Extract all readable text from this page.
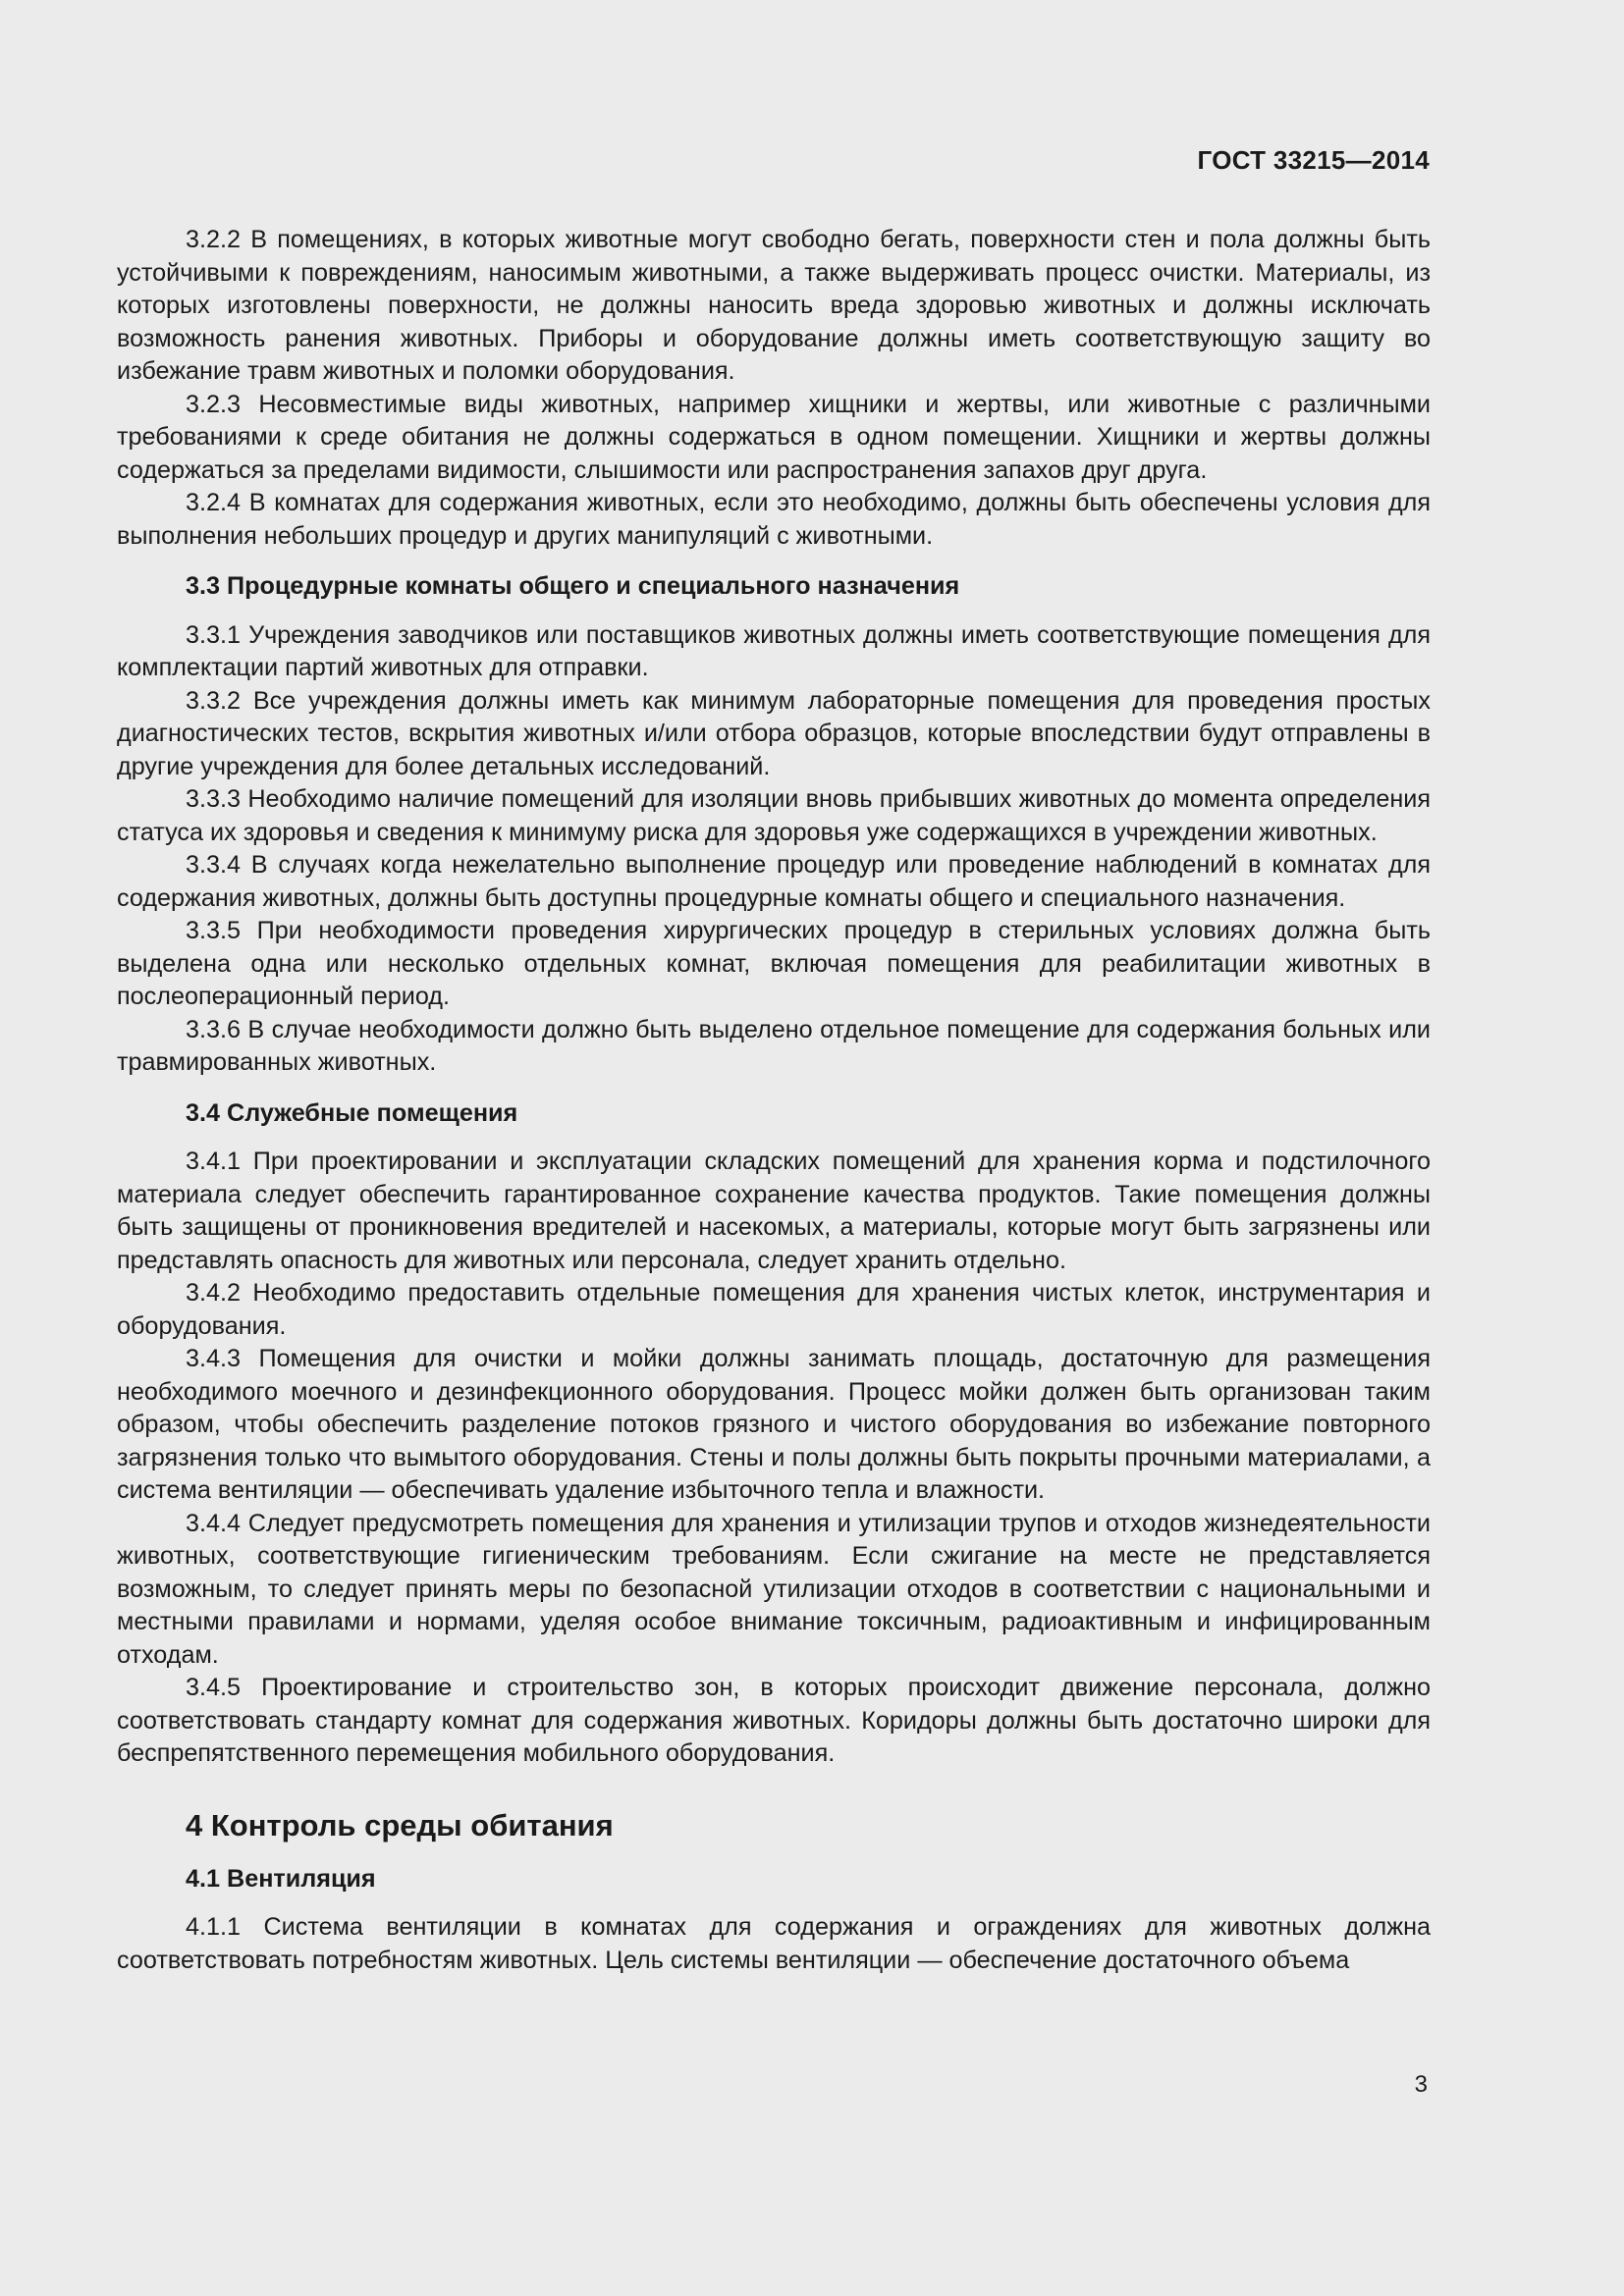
ГОСТ 33215—2014

3.2.2 В помещениях, в которых животные могут свободно бегать, поверхности стен и пола должны быть устойчивыми к повреждениям, наносимым животными, а также выдерживать процесс очистки. Материалы, из которых изготовлены поверхности, не должны наносить вреда здоровью животных и должны исключать возможность ранения животных. Приборы и оборудование должны иметь соответствующую защиту во избежание травм животных и поломки оборудования.

3.2.3 Несовместимые виды животных, например хищники и жертвы, или животные с различными требованиями к среде обитания не должны содержаться в одном помещении. Хищники и жертвы должны содержаться за пределами видимости, слышимости или распространения запахов друг друга.

3.2.4 В комнатах для содержания животных, если это необходимо, должны быть обеспечены условия для выполнения небольших процедур и других манипуляций с животными.

3.3 Процедурные комнаты общего и специального назначения

3.3.1 Учреждения заводчиков или поставщиков животных должны иметь соответствующие помещения для комплектации партий животных для отправки.

3.3.2 Все учреждения должны иметь как минимум лабораторные помещения для проведения простых диагностических тестов, вскрытия животных и/или отбора образцов, которые впоследствии будут отправлены в другие учреждения для более детальных исследований.

3.3.3 Необходимо наличие помещений для изоляции вновь прибывших животных до момента определения статуса их здоровья и сведения к минимуму риска для здоровья уже содержащихся в учреждении животных.

3.3.4 В случаях когда нежелательно выполнение процедур или проведение наблюдений в комнатах для содержания животных, должны быть доступны процедурные комнаты общего и специального назначения.

3.3.5 При необходимости проведения хирургических процедур в стерильных условиях должна быть выделена одна или несколько отдельных комнат, включая помещения для реабилитации животных в послеоперационный период.

3.3.6 В случае необходимости должно быть выделено отдельное помещение для содержания больных или травмированных животных.

3.4 Служебные помещения

3.4.1 При проектировании и эксплуатации складских помещений для хранения корма и подстилочного материала следует обеспечить гарантированное сохранение качества продуктов. Такие помещения должны быть защищены от проникновения вредителей и насекомых, а материалы, которые могут быть загрязнены или представлять опасность для животных или персонала, следует хранить отдельно.

3.4.2 Необходимо предоставить отдельные помещения для хранения чистых клеток, инструментария и оборудования.

3.4.3 Помещения для очистки и мойки должны занимать площадь, достаточную для размещения необходимого моечного и дезинфекционного оборудования. Процесс мойки должен быть организован таким образом, чтобы обеспечить разделение потоков грязного и чистого оборудования во избежание повторного загрязнения только что вымытого оборудования. Стены и полы должны быть покрыты прочными материалами, а система вентиляции — обеспечивать удаление избыточного тепла и влажности.

3.4.4 Следует предусмотреть помещения для хранения и утилизации трупов и отходов жизнедеятельности животных, соответствующие гигиеническим требованиям. Если сжигание на месте не представляется возможным, то следует принять меры по безопасной утилизации отходов в соответствии с национальными и местными правилами и нормами, уделяя особое внимание токсичным, радиоактивным и инфицированным отходам.

3.4.5 Проектирование и строительство зон, в которых происходит движение персонала, должно соответствовать стандарту комнат для содержания животных. Коридоры должны быть достаточно широки для беспрепятственного перемещения мобильного оборудования.

4 Контроль среды обитания
4.1 Вентиляция

4.1.1 Система вентиляции в комнатах для содержания и ограждениях для животных должна соответствовать потребностям животных. Цель системы вентиляции — обеспечение достаточного объема

3
